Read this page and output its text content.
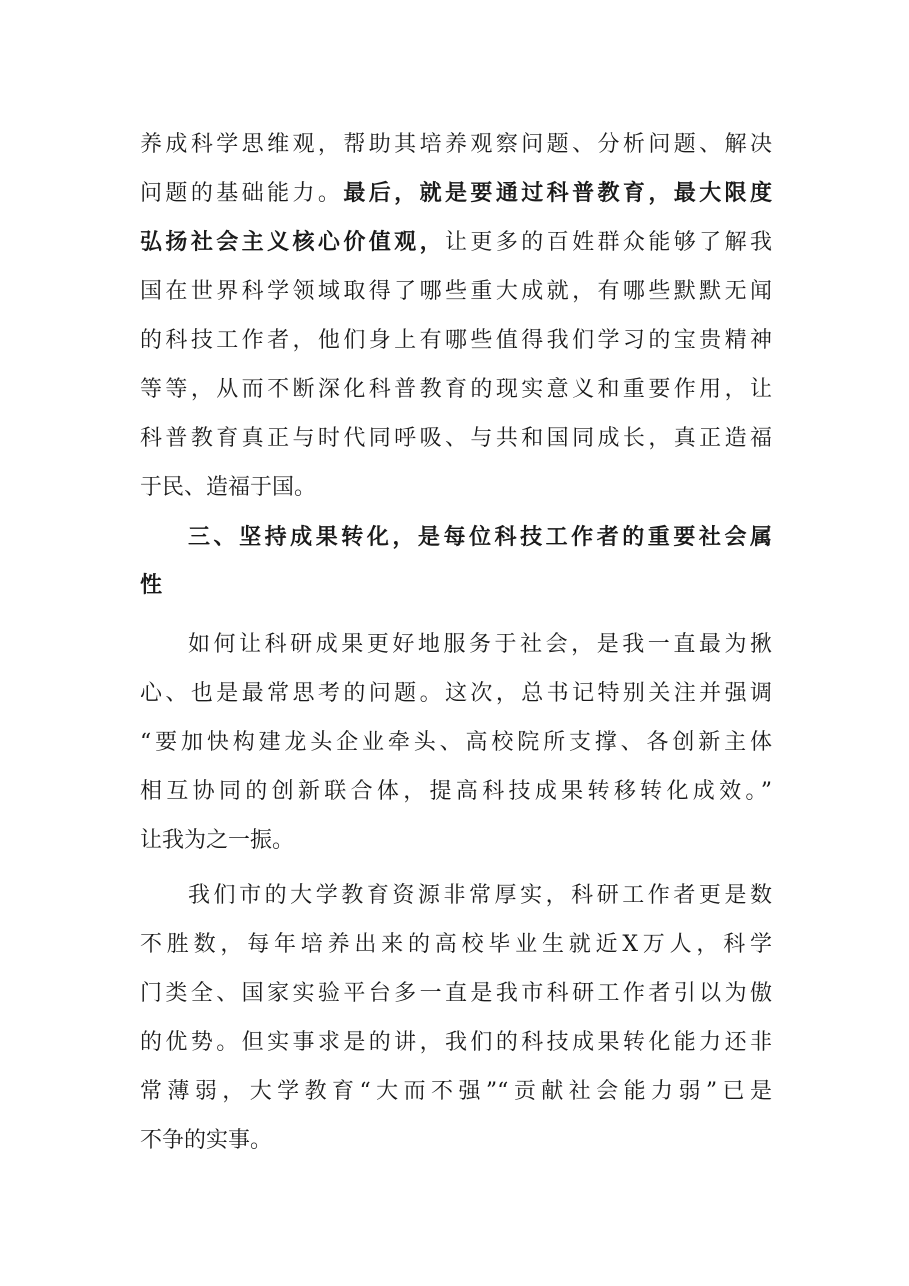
养成科学思维观，帮助其培养观察问题、分析问题、解决
问题的基础能力。最后，就是要通过科普教育，最大限度
弘扬社会主义核心价值观，让更多的百姓群众能够了解我
国在世界科学领域取得了哪些重大成就，有哪些默默无闻
的科技工作者，他们身上有哪些值得我们学习的宝贵精神
等等，从而不断深化科普教育的现实意义和重要作用，让
科普教育真正与时代同呼吸、与共和国同成长，真正造福
于民、造福于国。
三、坚持成果转化，是每位科技工作者的重要社会属
性
如何让科研成果更好地服务于社会，是我一直最为揪
心、也是最常思考的问题。这次，总书记特别关注并强调
“要加快构建龙头企业牵头、高校院所支撑、各创新主体
相互协同的创新联合体，提高科技成果转移转化成效。”
让我为之一振。
我们市的大学教育资源非常厚实，科研工作者更是数
不胜数，每年培养出来的高校毕业生就近X万人，科学
门类全、国家实验平台多一直是我市科研工作者引以为傲
的优势。但实事求是的讲，我们的科技成果转化能力还非
常薄弱，大学教育“大而不强”“贡献社会能力弱”已是
不争的实事。
